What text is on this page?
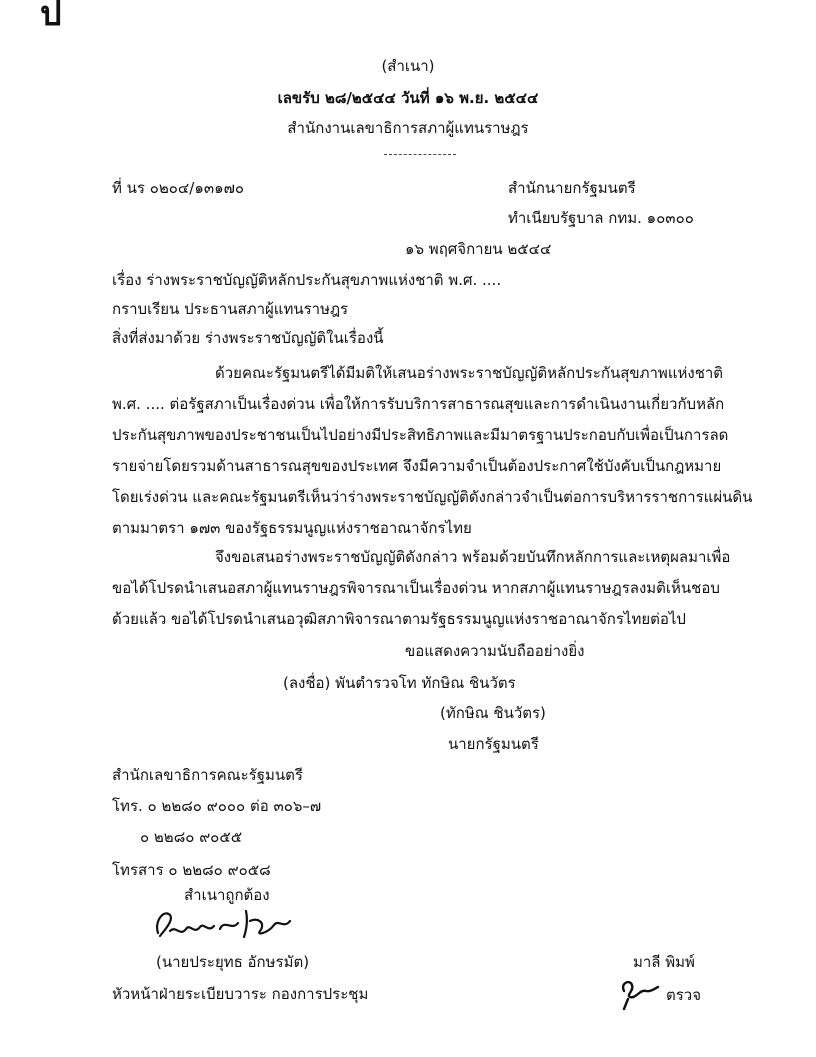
ป
(สำเนา)
เลขรับ ๒๘/๒๕๔๔ วันที่ ๑๖ พ.ย. ๒๕๔๔
สำนักงานเลขาธิการสภาผู้แทนราษฎร
ที่ นร ๐๒๐๔/๑๓๑๗๐	สำนักนายกรัฐมนตรี
ทำเนียบรัฐบาล กทม. ๑๐๓๐๐
๑๖ พฤศจิกายน ๒๕๔๔
เรื่อง ร่างพระราชบัญญัติหลักประกันสุขภาพแห่งชาติ พ.ศ. ....
กราบเรียน ประธานสภาผู้แทนราษฎร
สิ่งที่ส่งมาด้วย ร่างพระราชบัญญัติในเรื่องนี้
ด้วยคณะรัฐมนตรีได้มีมติให้เสนอร่างพระราชบัญญัติหลักประกันสุขภาพแห่งชาติ
พ.ศ. .... ต่อรัฐสภาเป็นเรื่องด่วน เพื่อให้การรับบริการสาธารณสุขและการดำเนินงานเกี่ยวกับหลัก
ประกันสุขภาพของประชาชนเป็นไปอย่างมีประสิทธิภาพและมีมาตรฐานประกอบกับเพื่อเป็นการลด
รายจ่ายโดยรวมด้านสาธารณสุขของประเทศ จึงมีความจำเป็นต้องประกาศใช้บังคับเป็นกฎหมาย
โดยเร่งด่วน และคณะรัฐมนตรีเห็นว่าร่างพระราชบัญญัติดังกล่าวจำเป็นต่อการบริหารราชการแผ่นดิน
ตามมาตรา ๑๗๓ ของรัฐธรรมนูญแห่งราชอาณาจักรไทย
จึงขอเสนอร่างพระราชบัญญัติดังกล่าว พร้อมด้วยบันทึกหลักการและเหตุผลมาเพื่อ
ขอได้โปรดนำเสนอสภาผู้แทนราษฎรพิจารณาเป็นเรื่องด่วน หากสภาผู้แทนราษฎรลงมติเห็นชอบ
ด้วยแล้ว ขอได้โปรดนำเสนอวุฒิสภาพิจารณาตามรัฐธรรมนูญแห่งราชอาณาจักรไทยต่อไป
ขอแสดงความนับถืออย่างยิ่ง
(ลงชื่อ) พันตำรวจโท ทักษิณ ชินวัตร
(ทักษิณ ชินวัตร)
นายกรัฐมนตรี
สำนักเลขาธิการคณะรัฐมนตรี
โทร. ๐ ๒๒๘๐ ๙๐๐๐ ต่อ ๓๐๖–๗
๐ ๒๒๘๐ ๙๐๕๕
โทรสาร ๐ ๒๒๘๐ ๙๐๕๘
สำเนาถูกต้อง
(นายประยุทธ อักษรมัต)
หัวหน้าฝ่ายระเบียบวาระ กองการประชุม
มาลี พิมพ์
ตรวจ
